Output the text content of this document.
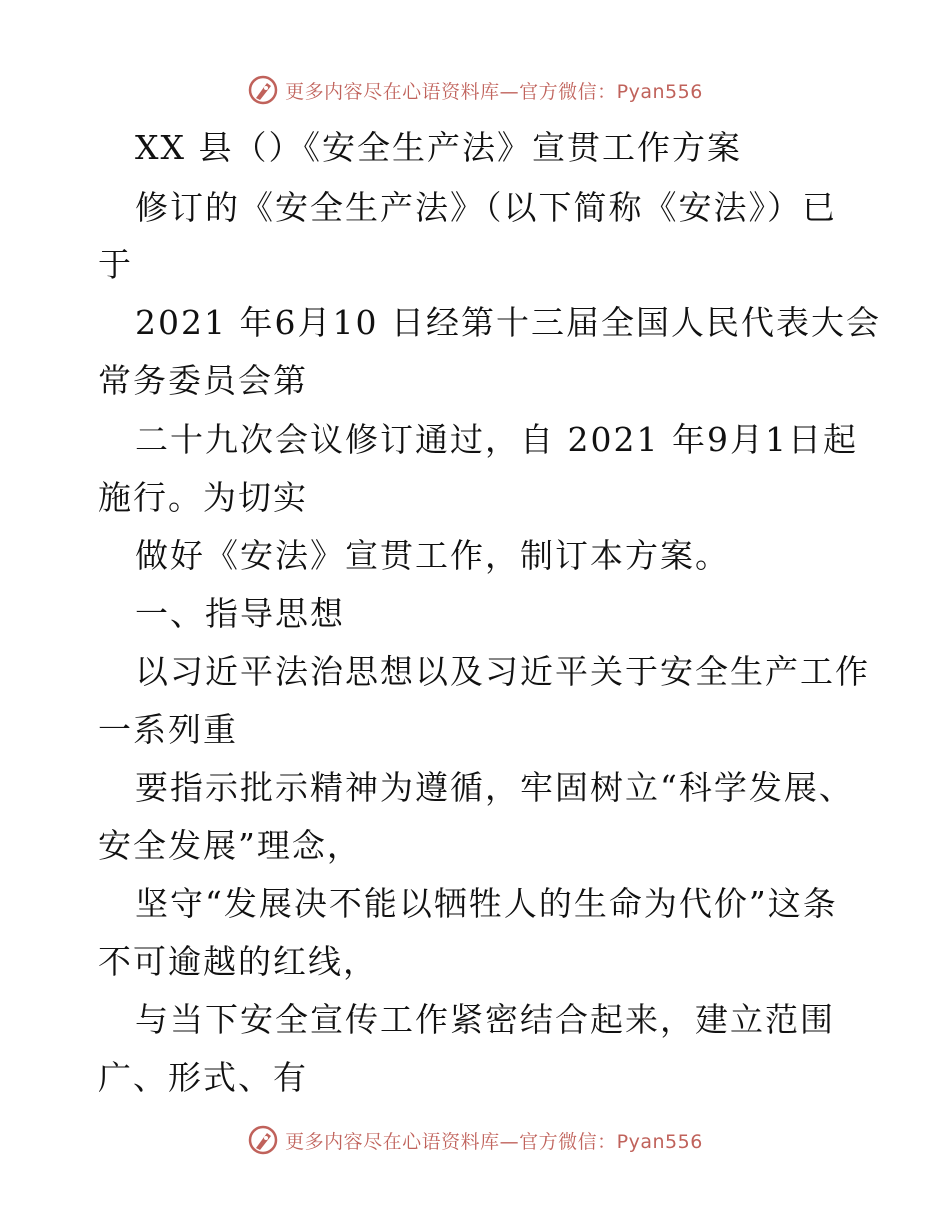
更多内容尽在心语资料库—官方微信：Pyan556
XX 县（）《安全生产法》宣贯工作方案
修订的《安全生产法》（以下简称《安法》）已
于
2021 年6月10 日经第十三届全国人民代表大会
常务委员会第
二十九次会议修订通过，自 2021 年9月1日起
施行。为切实
做好《安法》宣贯工作，制订本方案。
一、指导思想
以习近平法治思想以及习近平关于安全生产工作
一系列重
要指示批示精神为遵循，牢固树立“科学发展、
安全发展”理念，
坚守“发展决不能以牺牲人的生命为代价”这条
不可逾越的红线，
与当下安全宣传工作紧密结合起来，建立范围
广、形式、有
更多内容尽在心语资料库—官方微信：Pyan556
